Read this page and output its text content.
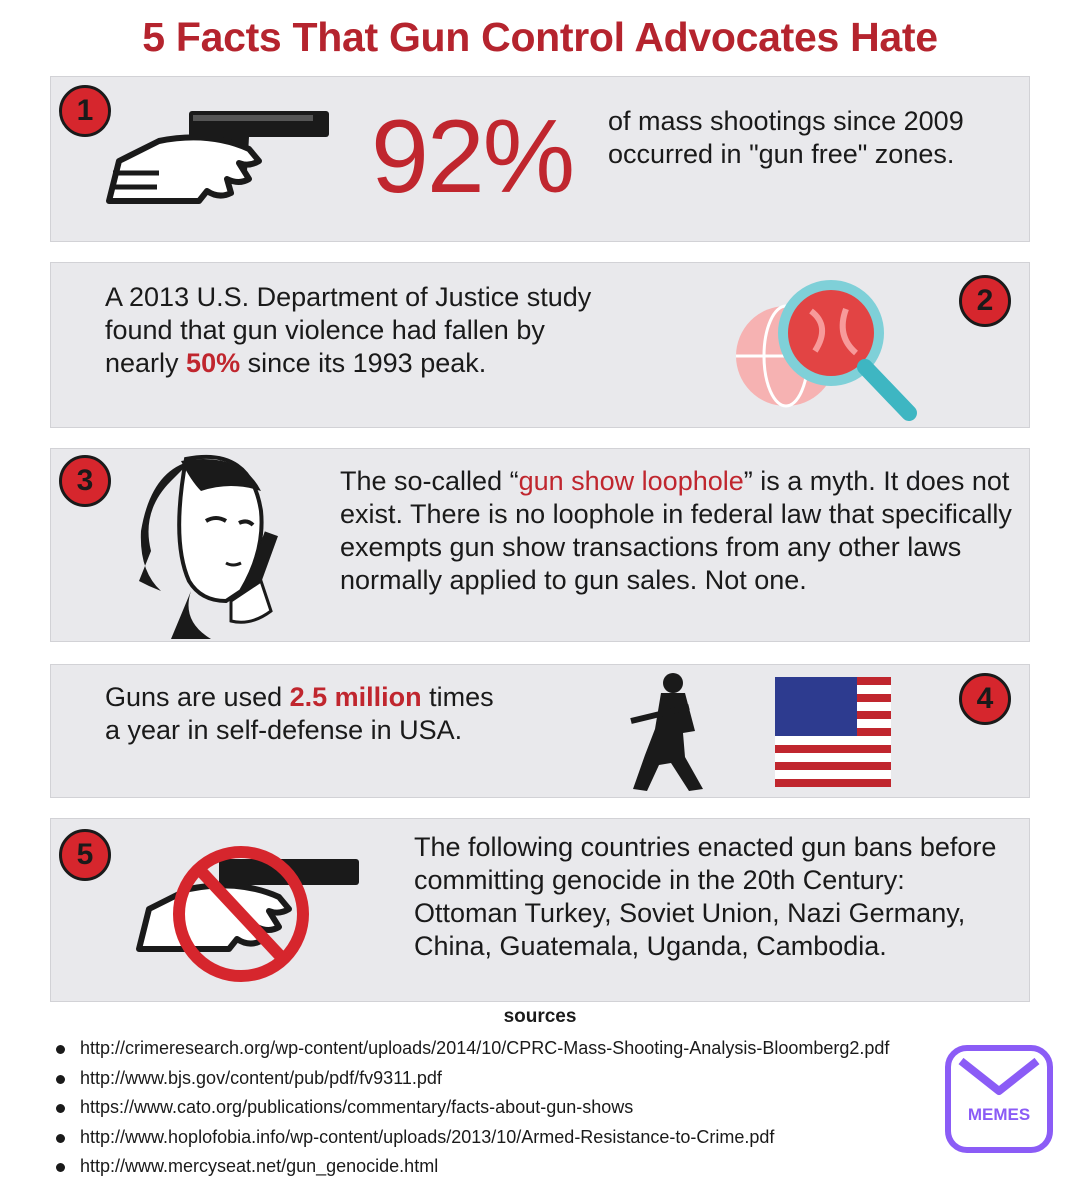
5 Facts That Gun Control Advocates Hate
1	92% of mass shootings since 2009 occurred in "gun free" zones.

A 2013 U.S. Department of Justice study found that gun violence had fallen by nearly 50% since its 1993 peak.

2
3	The so-called “gun show loophole” is a myth. It does not exist. There is no loophole in federal law that specifically exempts gun show transactions from any other laws normally applied to gun sales. Not one.

Guns are used 2.5 million times a year in self-defense in USA.

4
5	The following countries enacted gun bans before committing genocide in the 20th Century: Ottoman Turkey, Soviet Union, Nazi Germany, China, Guatemala, Uganda, Cambodia.

sources
http://crimeresearch.org/wp-content/uploads/2014/10/CPRC-Mass-Shooting-Analysis-Bloomberg2.pdf
http://www.bjs.gov/content/pub/pdf/fv9311.pdf
https://www.cato.org/publications/commentary/facts-about-gun-shows
http://www.hoplofobia.info/wp-content/uploads/2013/10/Armed-Resistance-to-Crime.pdf
http://www.mercyseat.net/gun_genocide.html
MEMES
